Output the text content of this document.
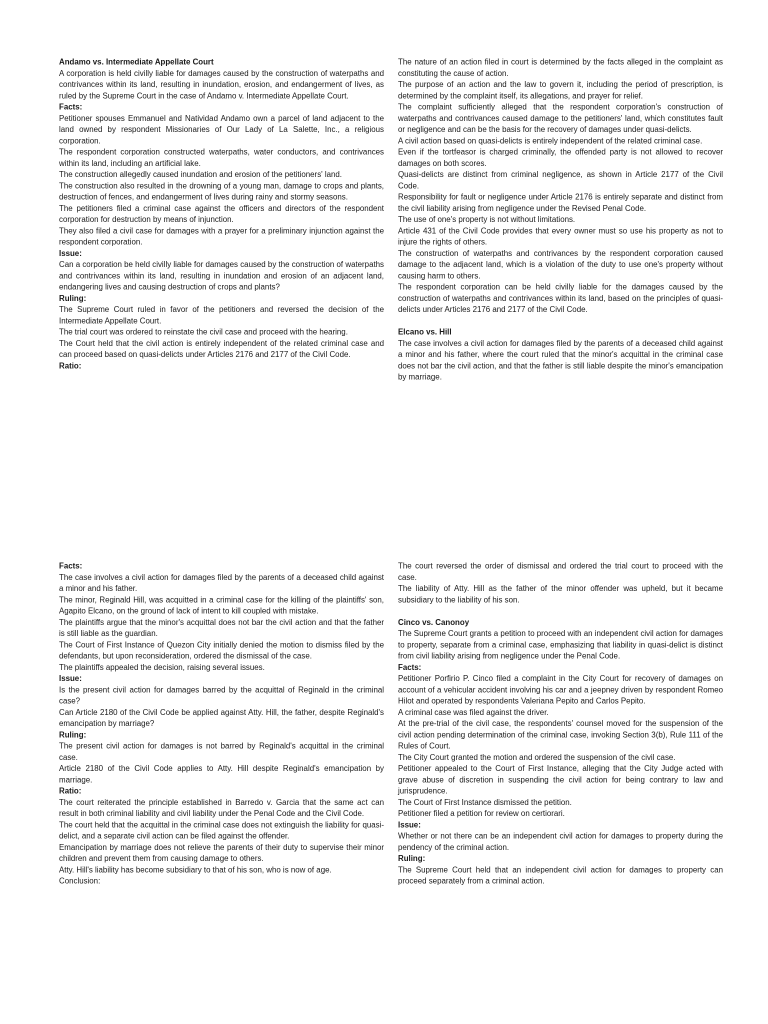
Andamo vs. Intermediate Appellate Court

A corporation is held civilly liable for damages caused by the construction of waterpaths and contrivances within its land, resulting in inundation, erosion, and endangerment of lives, as ruled by the Supreme Court in the case of Andamo v. Intermediate Appellate Court.

Facts:

Petitioner spouses Emmanuel and Natividad Andamo own a parcel of land adjacent to the land owned by respondent Missionaries of Our Lady of La Salette, Inc., a religious corporation.

The respondent corporation constructed waterpaths, water conductors, and contrivances within its land, including an artificial lake.

The construction allegedly caused inundation and erosion of the petitioners' land.

The construction also resulted in the drowning of a young man, damage to crops and plants, destruction of fences, and endangerment of lives during rainy and stormy seasons.

The petitioners filed a criminal case against the officers and directors of the respondent corporation for destruction by means of injunction.

They also filed a civil case for damages with a prayer for a preliminary injunction against the respondent corporation.

Issue:

Can a corporation be held civilly liable for damages caused by the construction of waterpaths and contrivances within its land, resulting in inundation and erosion of an adjacent land, endangering lives and causing destruction of crops and plants?

Ruling:

The Supreme Court ruled in favor of the petitioners and reversed the decision of the Intermediate Appellate Court.

The trial court was ordered to reinstate the civil case and proceed with the hearing.

The Court held that the civil action is entirely independent of the related criminal case and can proceed based on quasi-delicts under Articles 2176 and 2177 of the Civil Code.

Ratio:

The nature of an action filed in court is determined by the facts alleged in the complaint as constituting the cause of action.

The purpose of an action and the law to govern it, including the period of prescription, is determined by the complaint itself, its allegations, and prayer for relief.

The complaint sufficiently alleged that the respondent corporation's construction of waterpaths and contrivances caused damage to the petitioners' land, which constitutes fault or negligence and can be the basis for the recovery of damages under quasi-delicts.

A civil action based on quasi-delicts is entirely independent of the related criminal case.

Even if the tortfeasor is charged criminally, the offended party is not allowed to recover damages on both scores.

Quasi-delicts are distinct from criminal negligence, as shown in Article 2177 of the Civil Code.

Responsibility for fault or negligence under Article 2176 is entirely separate and distinct from the civil liability arising from negligence under the Revised Penal Code.

The use of one's property is not without limitations.

Article 431 of the Civil Code provides that every owner must so use his property as not to injure the rights of others.

The construction of waterpaths and contrivances by the respondent corporation caused damage to the adjacent land, which is a violation of the duty to use one's property without causing harm to others.

The respondent corporation can be held civilly liable for the damages caused by the construction of waterpaths and contrivances within its land, based on the principles of quasi-delicts under Articles 2176 and 2177 of the Civil Code.

Elcano vs. Hill

The case involves a civil action for damages filed by the parents of a deceased child against a minor and his father, where the court ruled that the minor's acquittal in the criminal case does not bar the civil action, and that the father is still liable despite the minor's emancipation by marriage.

Facts:

The case involves a civil action for damages filed by the parents of a deceased child against a minor and his father.

The minor, Reginald Hill, was acquitted in a criminal case for the killing of the plaintiffs' son, Agapito Elcano, on the ground of lack of intent to kill coupled with mistake.

The plaintiffs argue that the minor's acquittal does not bar the civil action and that the father is still liable as the guardian.

The Court of First Instance of Quezon City initially denied the motion to dismiss filed by the defendants, but upon reconsideration, ordered the dismissal of the case.

The plaintiffs appealed the decision, raising several issues.

Issue:

Is the present civil action for damages barred by the acquittal of Reginald in the criminal case?

Can Article 2180 of the Civil Code be applied against Atty. Hill, the father, despite Reginald's emancipation by marriage?

Ruling:

The present civil action for damages is not barred by Reginald's acquittal in the criminal case.

Article 2180 of the Civil Code applies to Atty. Hill despite Reginald's emancipation by marriage.

Ratio:

The court reiterated the principle established in Barredo v. Garcia that the same act can result in both criminal liability and civil liability under the Penal Code and the Civil Code.

The court held that the acquittal in the criminal case does not extinguish the liability for quasi-delict, and a separate civil action can be filed against the offender.

Emancipation by marriage does not relieve the parents of their duty to supervise their minor children and prevent them from causing damage to others.

Atty. Hill's liability has become subsidiary to that of his son, who is now of age.

Conclusion:

The court reversed the order of dismissal and ordered the trial court to proceed with the case.

The liability of Atty. Hill as the father of the minor offender was upheld, but it became subsidiary to the liability of his son.

Cinco vs. Canonoy

The Supreme Court grants a petition to proceed with an independent civil action for damages to property, separate from a criminal case, emphasizing that liability in quasi-delict is distinct from civil liability arising from negligence under the Penal Code.

Facts:

Petitioner Porfirio P. Cinco filed a complaint in the City Court for recovery of damages on account of a vehicular accident involving his car and a jeepney driven by respondent Romeo Hilot and operated by respondents Valeriana Pepito and Carlos Pepito.

A criminal case was filed against the driver.

At the pre-trial of the civil case, the respondents' counsel moved for the suspension of the civil action pending determination of the criminal case, invoking Section 3(b), Rule 111 of the Rules of Court.

The City Court granted the motion and ordered the suspension of the civil case.

Petitioner appealed to the Court of First Instance, alleging that the City Judge acted with grave abuse of discretion in suspending the civil action for being contrary to law and jurisprudence.

The Court of First Instance dismissed the petition.

Petitioner filed a petition for review on certiorari.

Issue:

Whether or not there can be an independent civil action for damages to property during the pendency of the criminal action.

Ruling:

The Supreme Court held that an independent civil action for damages to property can proceed separately from a criminal action.
